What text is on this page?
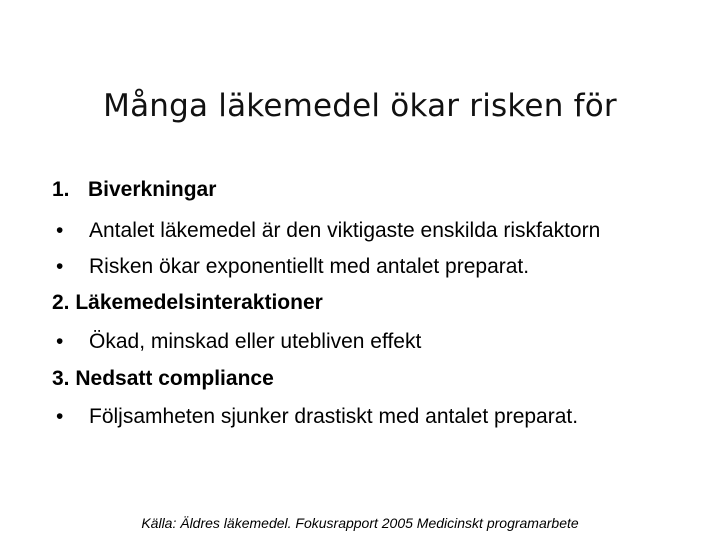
Många läkemedel ökar risken för
1. Biverkningar
• Antalet läkemedel är den viktigaste enskilda riskfaktorn
• Risken ökar exponentiellt med antalet preparat.
2. Läkemedelsinteraktioner
• Ökad, minskad eller utebliven effekt
3. Nedsatt compliance
• Följsamheten sjunker drastiskt med antalet preparat.
Källa: Äldres läkemedel. Fokusrapport 2005 Medicinskt programarbete
